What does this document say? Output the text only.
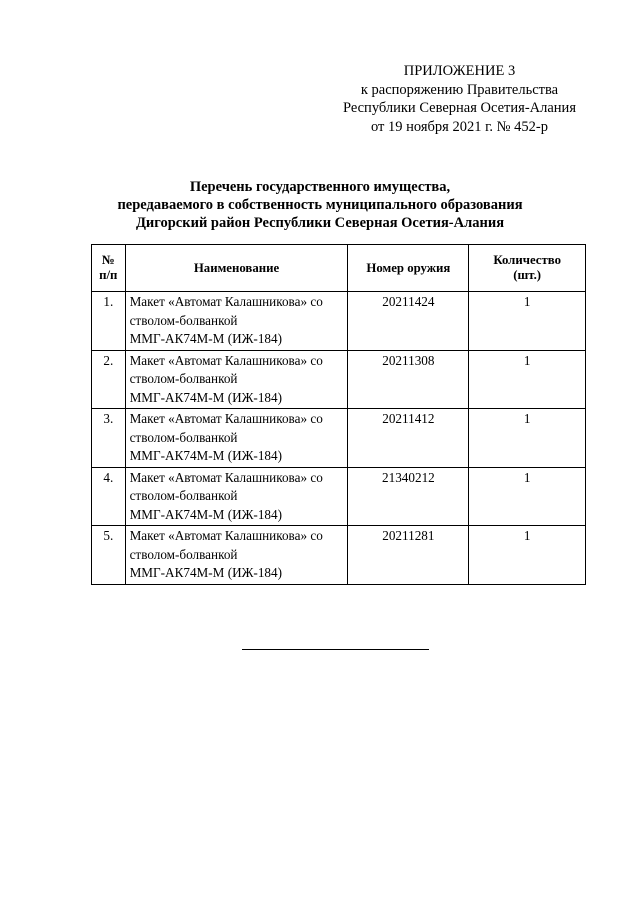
ПРИЛОЖЕНИЕ 3
к распоряжению Правительства
Республики Северная Осетия-Алания
от 19 ноября 2021 г. № 452-р
Перечень государственного имущества,
передаваемого в собственность муниципального образования
Дигорский район Республики Северная Осетия-Алания
№
п/п	Наименование	Номер оружия	Количество
(шт.)
1.	Макет «Автомат Калашникова» со
стволом-болванкой
ММГ-АК74М-М (ИЖ-184)	20211424	1
2.	Макет «Автомат Калашникова» со
стволом-болванкой
ММГ-АК74М-М (ИЖ-184)	20211308	1
3.	Макет «Автомат Калашникова» со
стволом-болванкой
ММГ-АК74М-М (ИЖ-184)	20211412	1
4.	Макет «Автомат Калашникова» со
стволом-болванкой
ММГ-АК74М-М (ИЖ-184)	21340212	1
5.	Макет «Автомат Калашникова» со
стволом-болванкой
ММГ-АК74М-М (ИЖ-184)	20211281	1
